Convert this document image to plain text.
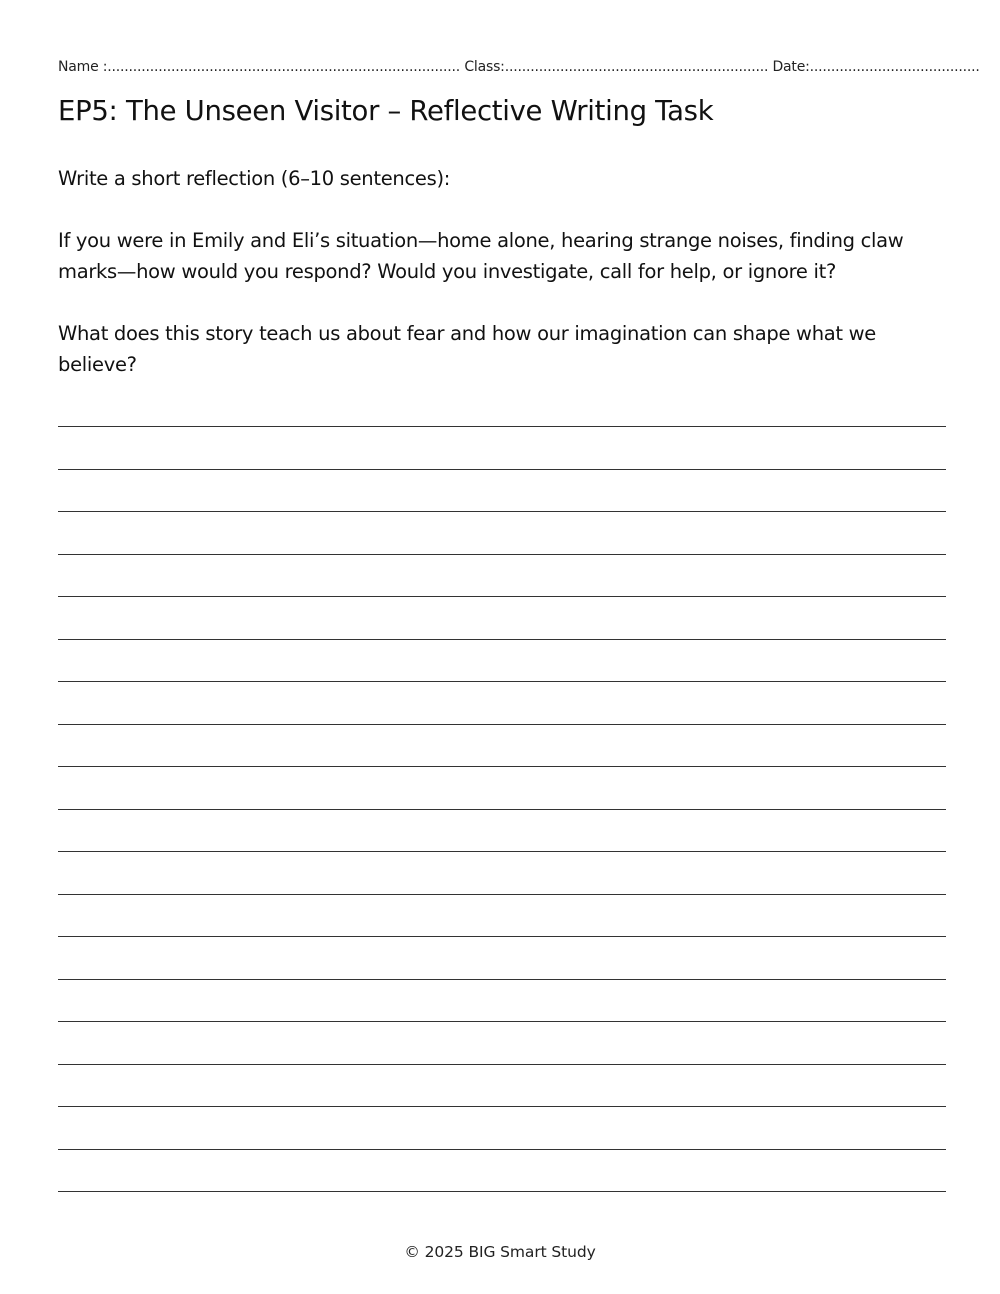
Name :................................................................................... Class:.............................................................. Date:........................................
EP5: The Unseen Visitor – Reflective Writing Task

Write a short reflection (6–10 sentences):

If you were in Emily and Eli’s situation—home alone, hearing strange noises, finding claw marks—how would you respond? Would you investigate, call for help, or ignore it?

What does this story teach us about fear and how our imagination can shape what we believe?

© 2025 BIG Smart Study
